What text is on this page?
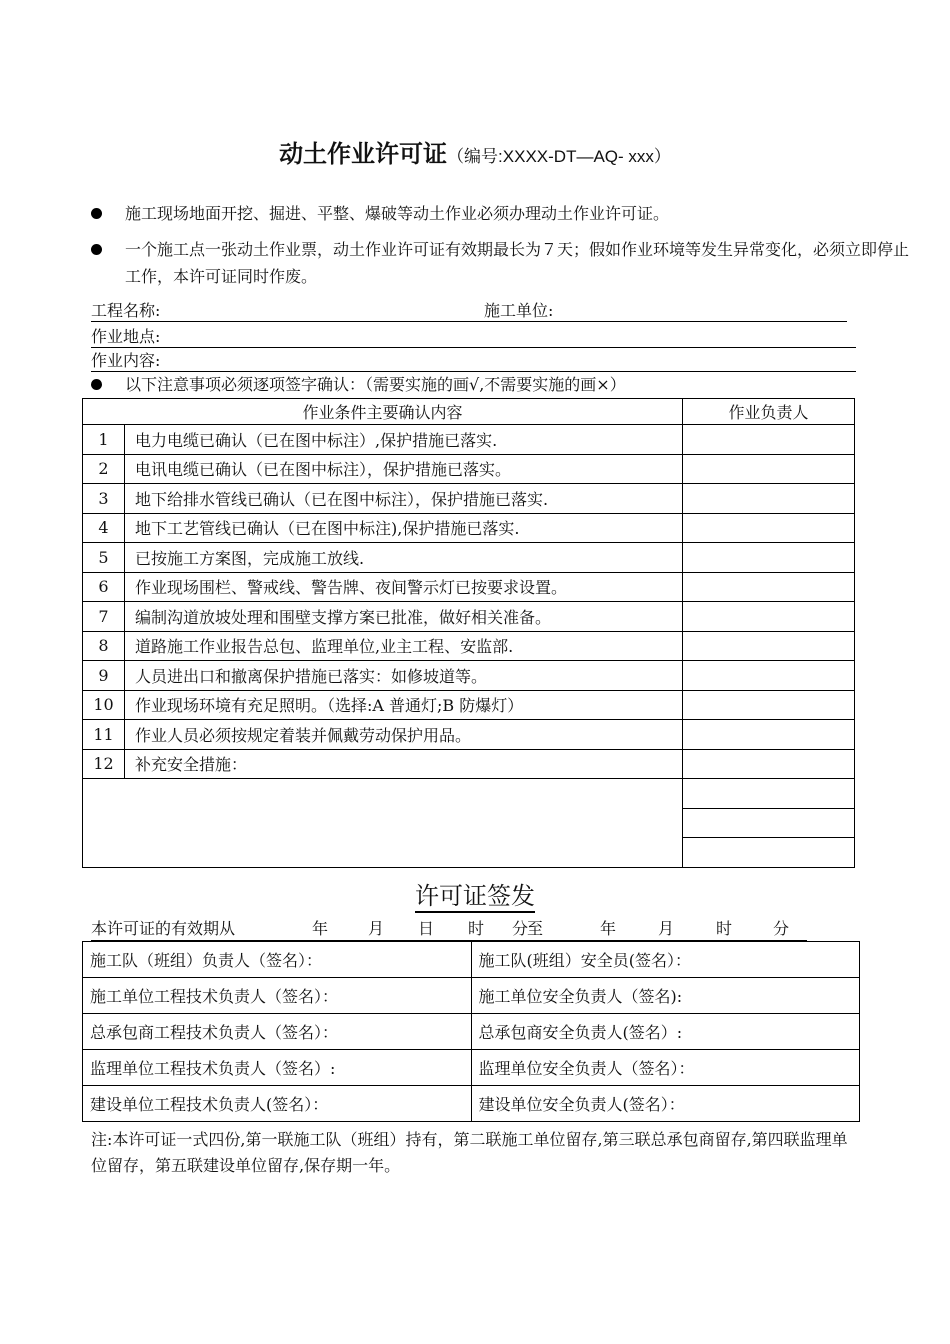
动土作业许可证（编号:XXXX-DT—AQ- xxx）
施工现场地面开挖、掘进、平整、爆破等动土作业必须办理动土作业许可证。
一个施工点一张动土作业票，动土作业许可证有效期最长为７天；假如作业环境等发生异常变化，必须立即停止工作，本许可证同时作废。
工程名称:	施工单位:
作业地点:
作业内容:
以下注意事项必须逐项签字确认：（需要实施的画√,不需要实施的画×）
作业条件主要确认内容		作业负责人
1	电力电缆已确认（已在图中标注）,保护措施已落实.	
2	电讯电缆已确认（已在图中标注），保护措施已落实。	
3	地下给排水管线已确认（已在图中标注），保护措施已落实.	
4	地下工艺管线已确认（已在图中标注),保护措施已落实.	
5	已按施工方案图，完成施工放线.	
6	作业现场围栏、警戒线、警告牌、夜间警示灯已按要求设置。	
7	编制沟道放坡处理和围壁支撑方案已批准，做好相关准备。	
8	道路施工作业报告总包、监理单位,业主工程、安监部.	
9	人员进出口和撤离保护措施已落实：如修坡道等。	
10	作业现场环境有充足照明。（选择:A 普通灯;B 防爆灯）	
11	作业人员必须按规定着装并佩戴劳动保护用品。	
12	补充安全措施：	

许可证签发
本许可证的有效期从	年 月 日 时 分
至	年	月	时	分
施工队（班组）负责人（签名）：	施工队(班组）安全员(签名）：
施工单位工程技术负责人（签名）：	施工单位安全负责人（签名):
总承包商工程技术负责人（签名）：	总承包商安全负责人(签名）:
监理单位工程技术负责人（签名）:	监理单位安全负责人（签名）：
建设单位工程技术负责人(签名）：	建设单位安全负责人(签名）：
注:本许可证一式四份,第一联施工队（班组）持有，第二联施工单位留存,第三联总承包商留存,第四联监理单位留存，第五联建设单位留存,保存期一年。
